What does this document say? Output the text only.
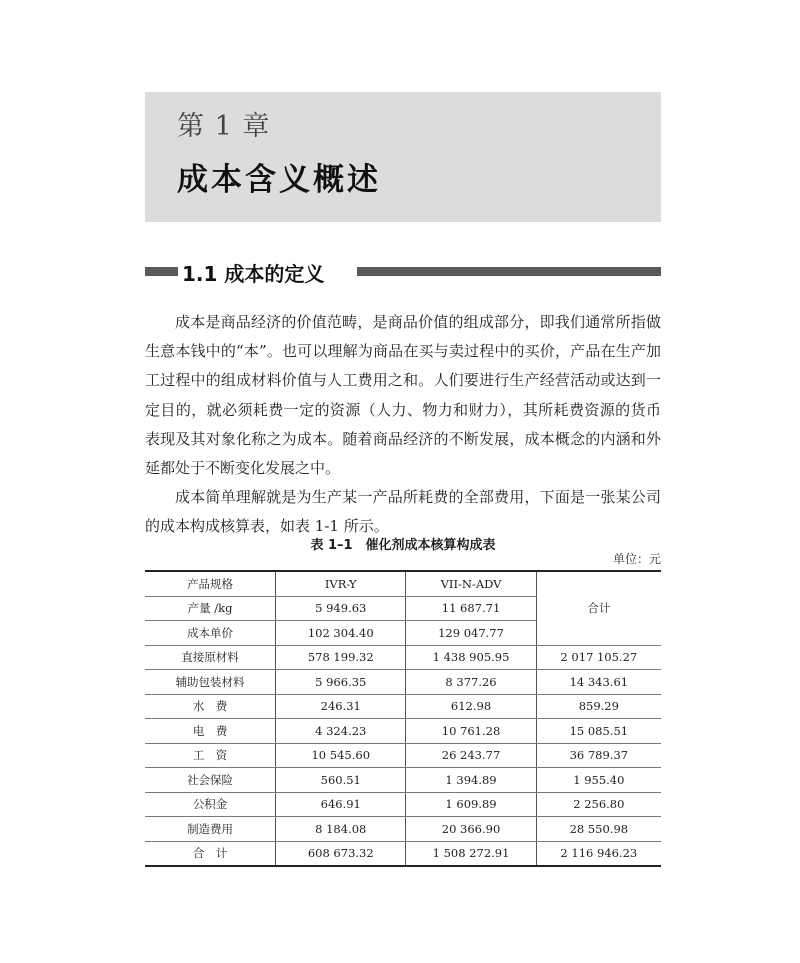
第 1 章
成本含义概述
1.1 成本的定义

成本是商品经济的价值范畴，是商品价值的组成部分，即我们通常所指做生意本钱中的“本”。也可以理解为商品在买与卖过程中的买价，产品在生产加工过程中的组成材料价值与人工费用之和。人们要进行生产经营活动或达到一定目的，就必须耗费一定的资源（人力、物力和财力），其所耗费资源的货币表现及其对象化称之为成本。随着商品经济的不断发展，成本概念的内涵和外延都处于不断变化发展之中。

成本简单理解就是为生产某一产品所耗费的全部费用，下面是一张某公司的成本构成核算表，如表 1-1 所示。

表 1–1　催化剂成本核算构成表
单位：元
产品规格	IVR-Y	VII-N-ADV	合计
产量 /kg	5 949.63	11 687.71	
成本单价	102 304.40	129 047.77	
直接原材料	578 199.32	1 438 905.95	2 017 105.27
辅助包装材料	5 966.35	8 377.26	14 343.61
水　费	246.31	612.98	859.29
电　费	4 324.23	10 761.28	15 085.51
工　资	10 545.60	26 243.77	36 789.37
社会保险	560.51	1 394.89	1 955.40
公积金	646.91	1 609.89	2 256.80
制造费用	8 184.08	20 366.90	28 550.98
合　计	608 673.32	1 508 272.91	2 116 946.23
